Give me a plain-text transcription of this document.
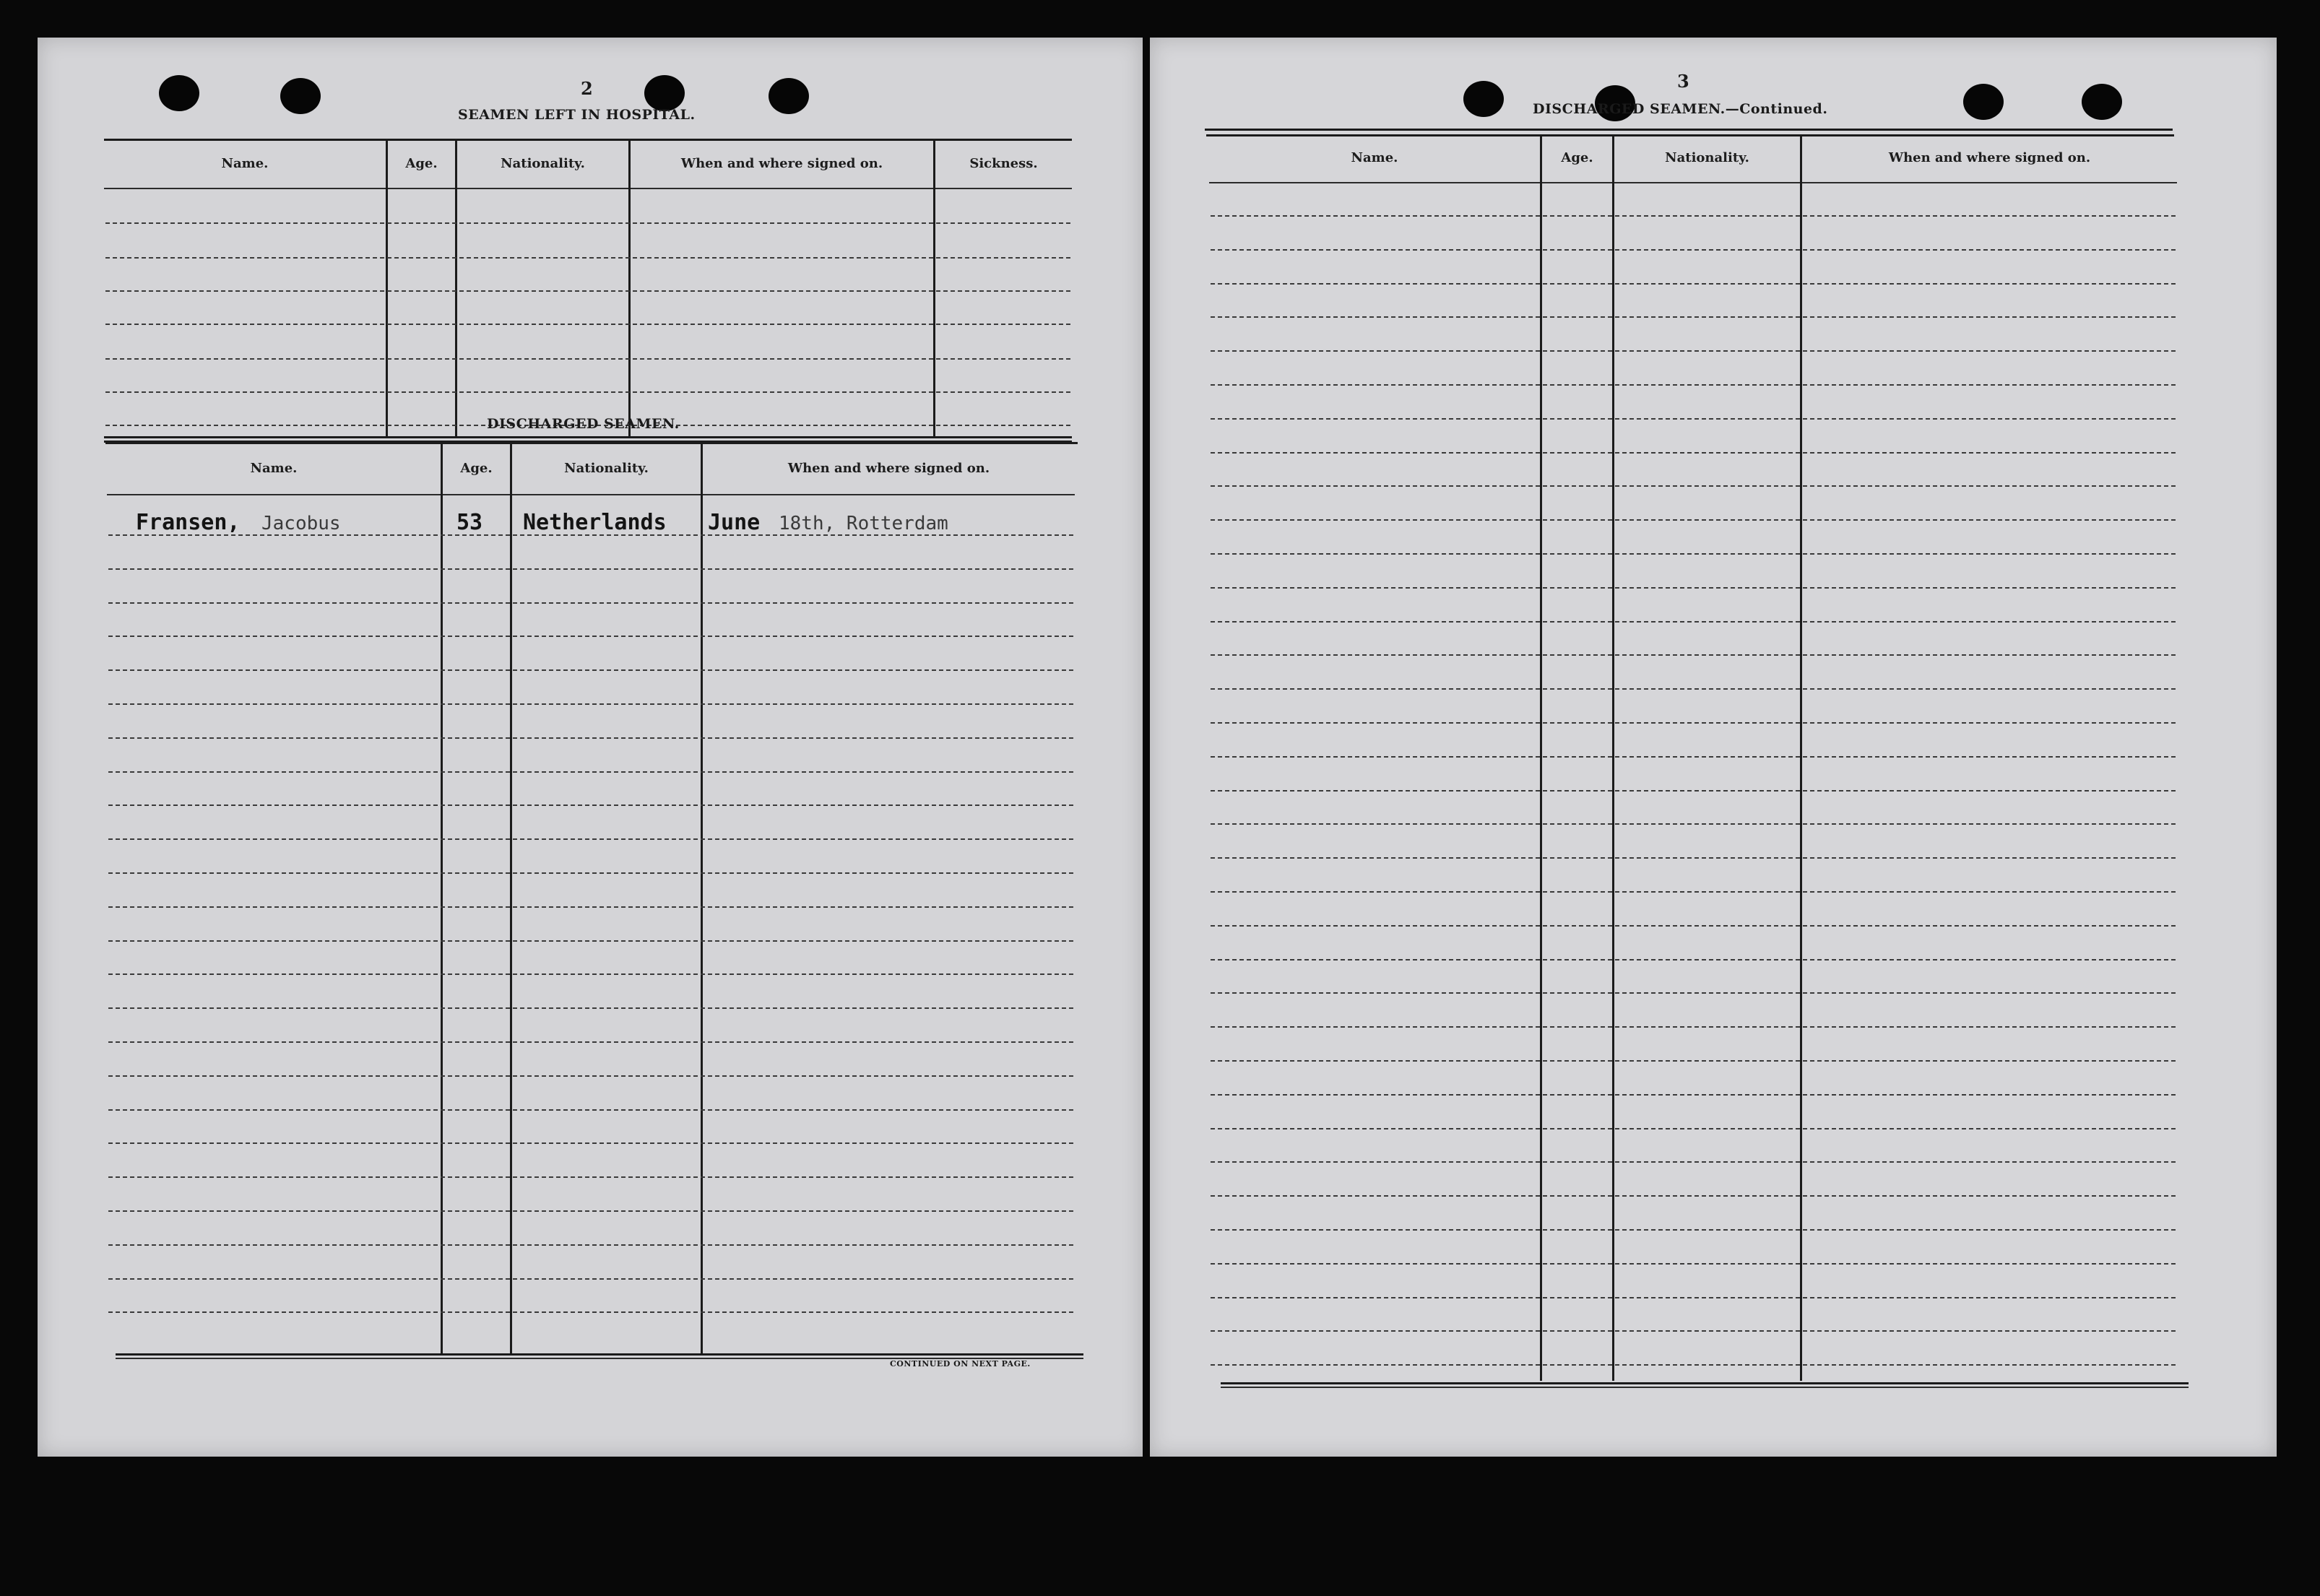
2
SEAMEN LEFT IN HOSPITAL.
Name.	Age.	Nationality.	When and where signed on.	Sickness.
DISCHARGED SEAMEN.
Name.	Age.	Nationality.	When and where signed on.
Fransen, Jacobus	53 Netherlands June 18th, Rotterdam
CONTINUED ON NEXT PAGE.
3
DISCHARGED SEAMEN.—Continued.
Name.	Age.	Nationality.	When and where signed on.
